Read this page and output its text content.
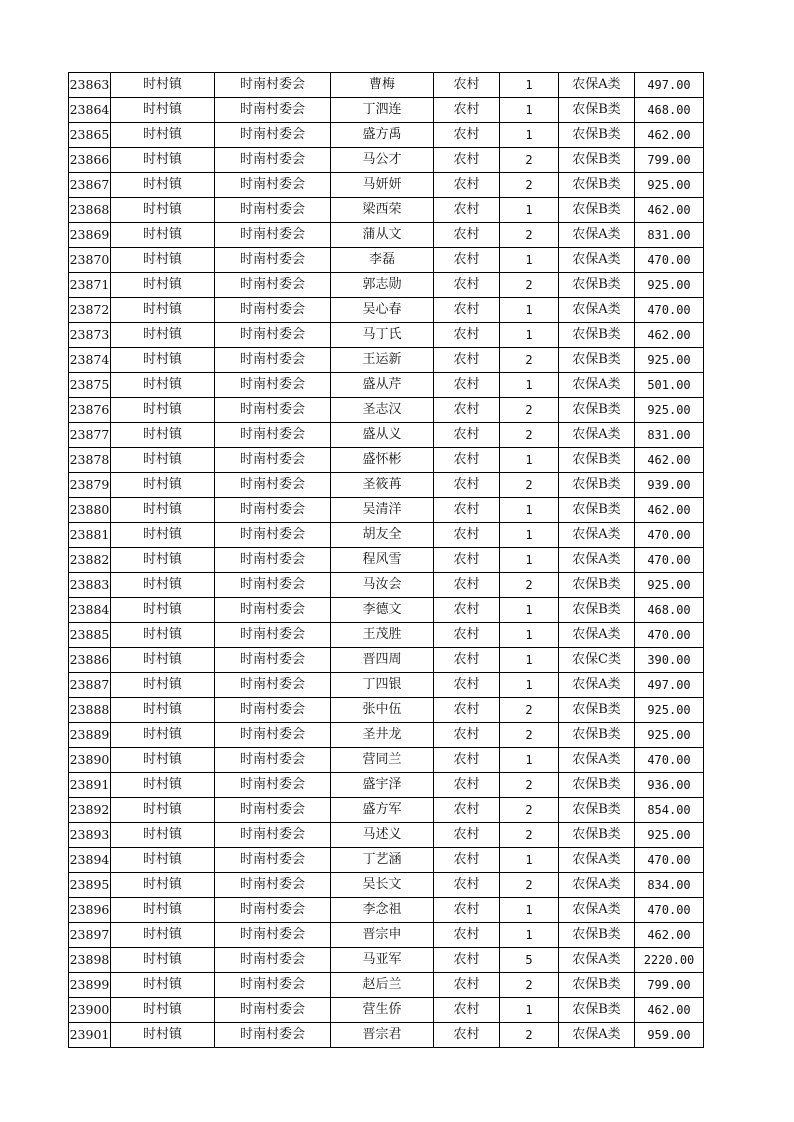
23863	时村镇	时南村委会	曹梅	农村	1	农保A类	497.00
23864	时村镇	时南村委会	丁泗连	农村	1	农保B类	468.00
23865	时村镇	时南村委会	盛方禹	农村	1	农保B类	462.00
23866	时村镇	时南村委会	马公才	农村	2	农保B类	799.00
23867	时村镇	时南村委会	马妍妍	农村	2	农保B类	925.00
23868	时村镇	时南村委会	梁西荣	农村	1	农保B类	462.00
23869	时村镇	时南村委会	蒲从文	农村	2	农保A类	831.00
23870	时村镇	时南村委会	李磊	农村	1	农保A类	470.00
23871	时村镇	时南村委会	郭志勋	农村	2	农保B类	925.00
23872	时村镇	时南村委会	吴心春	农村	1	农保A类	470.00
23873	时村镇	时南村委会	马丁氏	农村	1	农保B类	462.00
23874	时村镇	时南村委会	王运新	农村	2	农保B类	925.00
23875	时村镇	时南村委会	盛从芹	农村	1	农保A类	501.00
23876	时村镇	时南村委会	圣志汉	农村	2	农保B类	925.00
23877	时村镇	时南村委会	盛从义	农村	2	农保A类	831.00
23878	时村镇	时南村委会	盛怀彬	农村	1	农保B类	462.00
23879	时村镇	时南村委会	圣筱苒	农村	2	农保B类	939.00
23880	时村镇	时南村委会	吴清洋	农村	1	农保B类	462.00
23881	时村镇	时南村委会	胡友全	农村	1	农保A类	470.00
23882	时村镇	时南村委会	程风雪	农村	1	农保A类	470.00
23883	时村镇	时南村委会	马汝会	农村	2	农保B类	925.00
23884	时村镇	时南村委会	李德文	农村	1	农保B类	468.00
23885	时村镇	时南村委会	王茂胜	农村	1	农保A类	470.00
23886	时村镇	时南村委会	晋四周	农村	1	农保C类	390.00
23887	时村镇	时南村委会	丁四银	农村	1	农保A类	497.00
23888	时村镇	时南村委会	张中伍	农村	2	农保B类	925.00
23889	时村镇	时南村委会	圣井龙	农村	2	农保B类	925.00
23890	时村镇	时南村委会	营同兰	农村	1	农保A类	470.00
23891	时村镇	时南村委会	盛宇泽	农村	2	农保B类	936.00
23892	时村镇	时南村委会	盛方军	农村	2	农保B类	854.00
23893	时村镇	时南村委会	马述义	农村	2	农保B类	925.00
23894	时村镇	时南村委会	丁艺涵	农村	1	农保A类	470.00
23895	时村镇	时南村委会	吴长文	农村	2	农保A类	834.00
23896	时村镇	时南村委会	李念祖	农村	1	农保A类	470.00
23897	时村镇	时南村委会	晋宗申	农村	1	农保B类	462.00
23898	时村镇	时南村委会	马亚军	农村	5	农保A类	2220.00
23899	时村镇	时南村委会	赵后兰	农村	2	农保B类	799.00
23900	时村镇	时南村委会	营生侨	农村	1	农保B类	462.00
23901	时村镇	时南村委会	晋宗君	农村	2	农保A类	959.00
